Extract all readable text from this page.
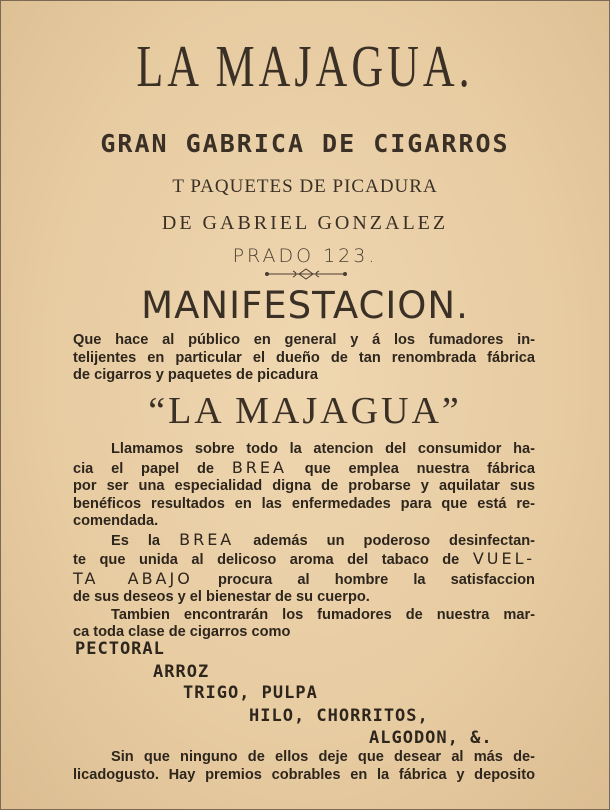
LA MAJAGUA.
GRAN GABRICA DE CIGARROS
T PAQUETES DE PICADURA
DE GABRIEL GONZALEZ
PRADO 123.
MANIFESTACION.

Que hace al público en general y á los fumadores in-

telijentes en particular el dueño de tan renombrada fábrica

de cigarros y paquetes de picadura

“LA MAJAGUA”

Llamamos sobre todo la atencion del consumidor ha-

cia el papel de BREA que emplea nuestra fábrica

por ser una especialidad digna de probarse y aquilatar sus

benéficos resultados en las enfermedades para que está re-

comendada.

Es la BREA además un poderoso desinfectan-

te que unida al delicoso aroma del tabaco de VUEL-

TA ABAJO procura al hombre la satisfaccion

de sus deseos y el bienestar de su cuerpo.

Tambien encontrarán los fumadores de nuestra mar-

ca toda clase de cigarros como

PECTORAL
ARROZ
TRIGO, PULPA
HILO, CHORRITOS,
ALGODON, &.

Sin que ninguno de ellos deje que desear al más de-

licadogusto. Hay premios cobrables en la fábrica y deposito
